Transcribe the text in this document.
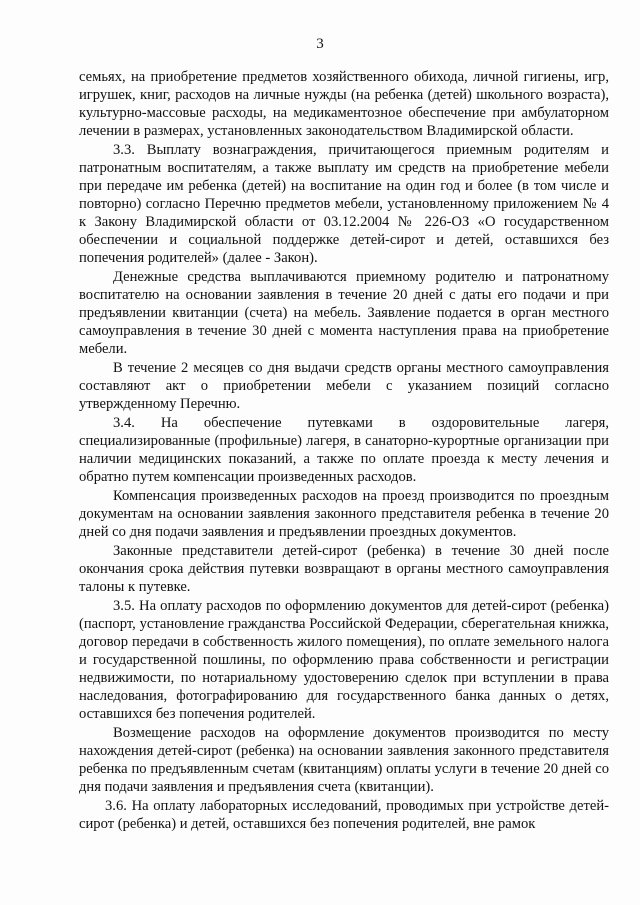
3

семьях, на приобретение предметов хозяйственного обихода, личной гигиены, игр, игрушек, книг, расходов на личные нужды (на ребенка (детей) школьного возраста), культурно-массовые расходы, на медикаментозное обеспечение при амбулаторном лечении в размерах, установленных законодательством Владимирской области.

3.3. Выплату вознаграждения, причитающегося приемным родителям и патронатным воспитателям, а также выплату им средств на приобретение мебели при передаче им ребенка (детей) на воспитание на один год и более (в том числе и повторно) согласно Перечню предметов мебели, установленному приложением № 4 к Закону Владимирской области от 03.12.2004 № 226-ОЗ «О государственном обеспечении и социальной поддержке детей-сирот и детей, оставшихся без попечения родителей» (далее - Закон).

Денежные средства выплачиваются приемному родителю и патронатному воспитателю на основании заявления в течение 20 дней с даты его подачи и при предъявлении квитанции (счета) на мебель. Заявление подается в орган местного самоуправления в течение 30 дней с момента наступления права на приобретение мебели.

В течение 2 месяцев со дня выдачи средств органы местного самоуправления составляют акт о приобретении мебели с указанием позиций согласно утвержденному Перечню.

3.4. На обеспечение путевками в оздоровительные лагеря, специализированные (профильные) лагеря, в санаторно-курортные организации при наличии медицинских показаний, а также по оплате проезда к месту лечения и обратно путем компенсации произведенных расходов.

Компенсация произведенных расходов на проезд производится по проездным документам на основании заявления законного представителя ребенка в течение 20 дней со дня подачи заявления и предъявлении проездных документов.

Законные представители детей-сирот (ребенка) в течение 30 дней после окончания срока действия путевки возвращают в органы местного самоуправления талоны к путевке.

3.5. На оплату расходов по оформлению документов для детей-сирот (ребенка) (паспорт, установление гражданства Российской Федерации, сберегательная книжка, договор передачи в собственность жилого помещения), по оплате земельного налога и государственной пошлины, по оформлению права собственности и регистрации недвижимости, по нотариальному удостоверению сделок при вступлении в права наследования, фотографированию для государственного банка данных о детях, оставшихся без попечения родителей.

Возмещение расходов на оформление документов производится по месту нахождения детей-сирот (ребенка) на основании заявления законного представителя ребенка по предъявленным счетам (квитанциям) оплаты услуги в течение 20 дней со дня подачи заявления и предъявления счета (квитанции).

3.6. На оплату лабораторных исследований, проводимых при устройстве детей-сирот (ребенка) и детей, оставшихся без попечения родителей, вне рамок
